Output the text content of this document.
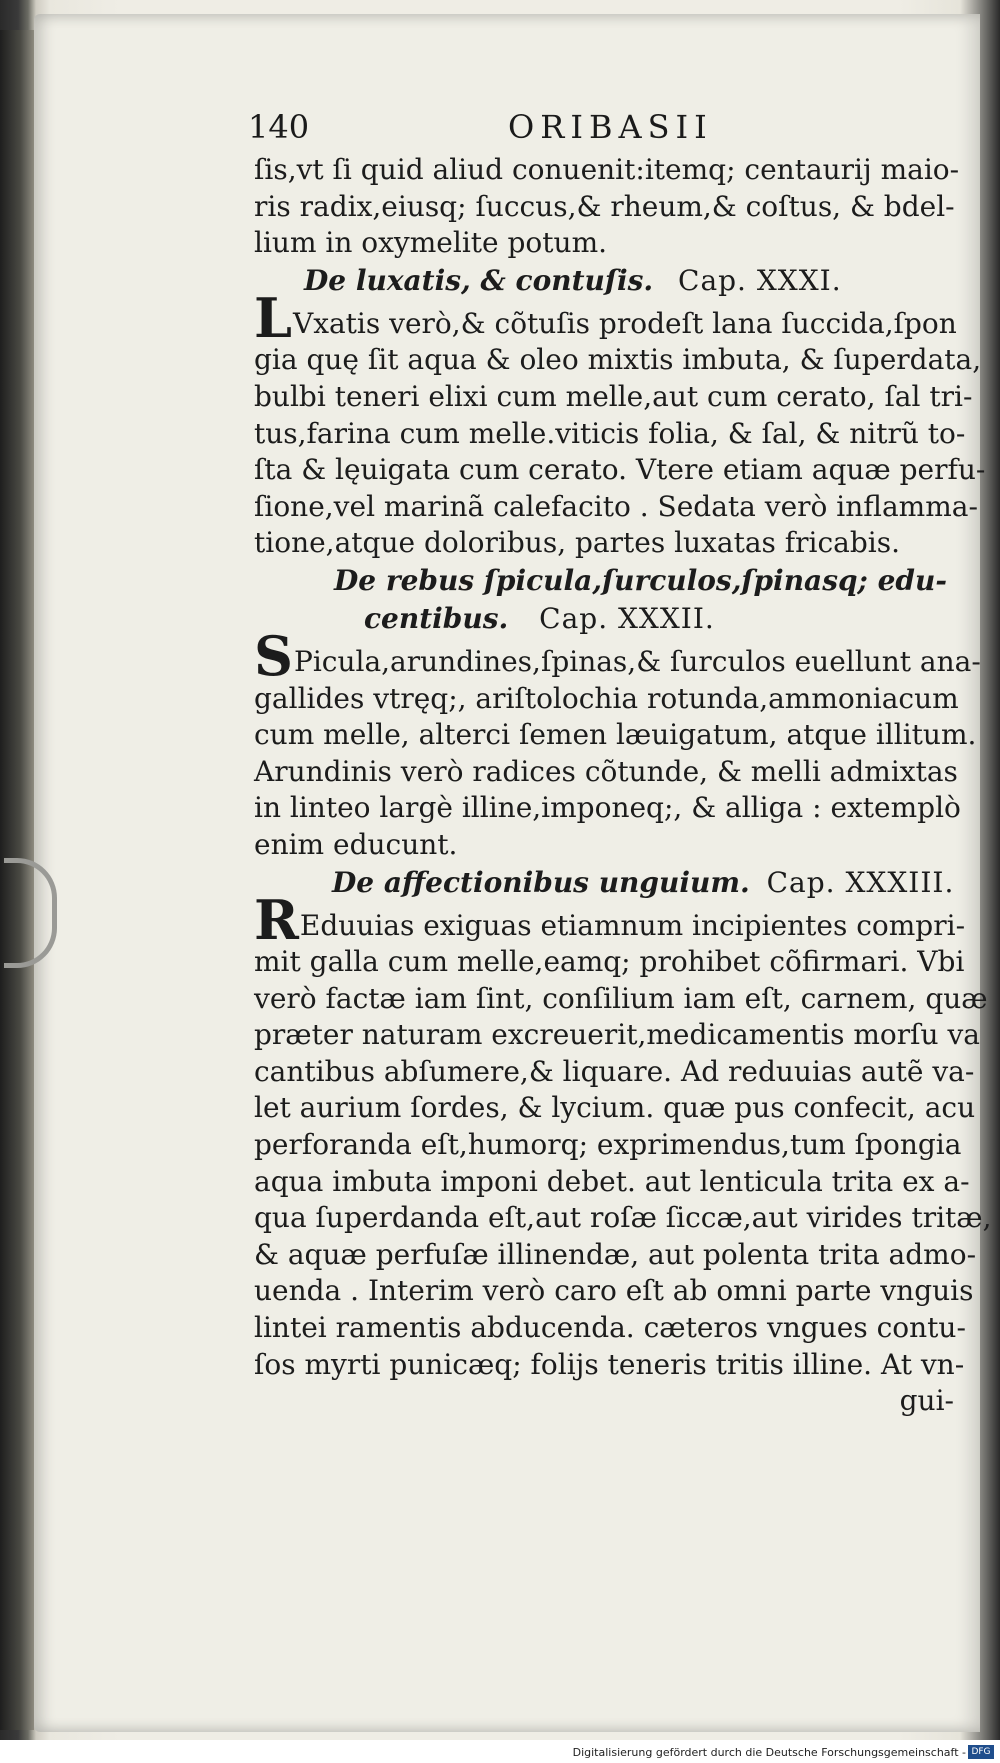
140	ORIBASII
ſis,vt ſi quid aliud conuenit:itemq; centaurij maio-
ris radix,eiusq; ſuccus,& rheum,& coſtus, & bdel-
lium in oxymelite potum.
De luxatis, & contuſis. Cap. XXXI.
LVxatis verò,& cõtuſis prodeſt lana ſuccida,ſpon
gia quę ſit aqua & oleo mixtis imbuta, & ſuperdata,
bulbi teneri elixi cum melle,aut cum cerato, ſal tri-
tus,farina cum melle.viticis folia, & ſal, & nitrũ to-
ſta & lęuigata cum cerato. Vtere etiam aquæ perfu-
ſione,vel marinã calefacito . Sedata verò inflamma-
tione,atque doloribus, partes luxatas fricabis.
De rebus ſpicula,ſurculos,ſpinasq; edu-
centibus. Cap. XXXII.
SPicula,arundines,ſpinas,& ſurculos euellunt ana-
gallides vtręq;, ariſtolochia rotunda,ammoniacum
cum melle, alterci ſemen læuigatum, atque illitum.
Arundinis verò radices cõtunde, & melli admixtas
in linteo largè illine,imponeq;, & alliga : extemplò
enim educunt.
De affectionibus unguium. Cap. XXXIII.
REduuias exiguas etiamnum incipientes compri-
mit galla cum melle,eamq; prohibet cõfirmari. Vbi
verò factæ iam ſint, conſilium iam eſt, carnem, quæ
præter naturam excreuerit,medicamentis morſu va
cantibus abſumere,& liquare. Ad reduuias autẽ va-
let aurium ſordes, & lycium. quæ pus confecit, acu
perforanda eſt,humorq; exprimendus,tum ſpongia
aqua imbuta imponi debet. aut lenticula trita ex a-
qua ſuperdanda eſt,aut roſæ ſiccæ,aut virides tritæ,
& aquæ perfuſæ illinendæ, aut polenta trita admo-
uenda . Interim verò caro eſt ab omni parte vnguis
lintei ramentis abducenda. cæteros vngues contu-
ſos myrti punicæq; folijs teneris tritis illine. At vn-
gui-
Digitalisierung gefördert durch die Deutsche Forschungsgemeinschaft - DFG
